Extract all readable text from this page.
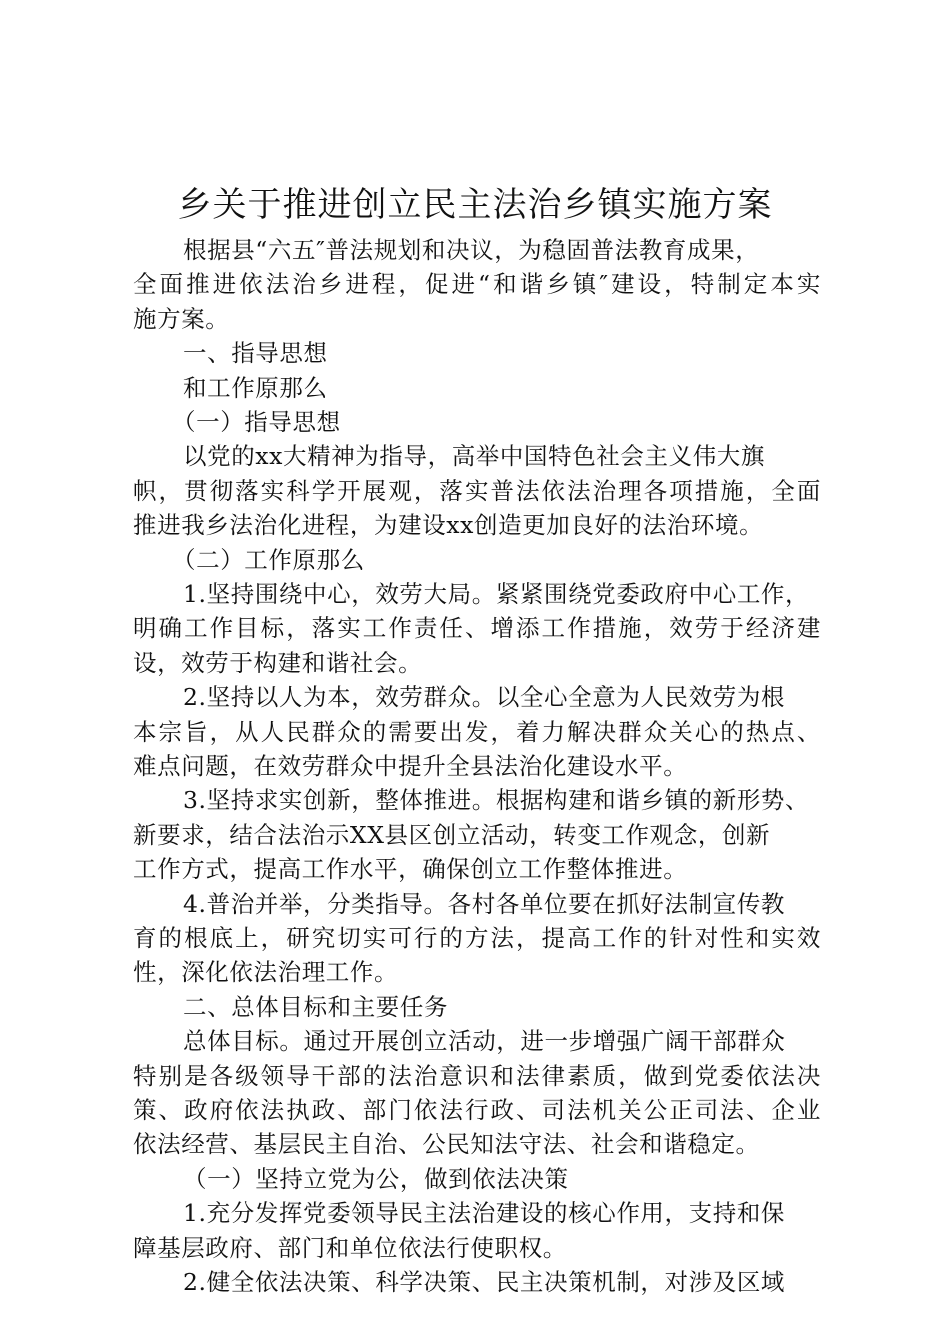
乡关于推进创立民主法治乡镇实施方案
根据县“六五″普法规划和决议，为稳固普法教育成果，
全面推进依法治乡进程，促进“和谐乡镇″建设，特制定本实
施方案。
一、指导思想
和工作原那么
（一）指导思想
以党的xx大精神为指导，高举中国特色社会主义伟大旗
帜，贯彻落实科学开展观，落实普法依法治理各项措施，全面
推进我乡法治化进程，为建设xx创造更加良好的法治环境。
（二）工作原那么
1.坚持围绕中心，效劳大局。紧紧围绕党委政府中心工作，
明确工作目标，落实工作责任、增添工作措施，效劳于经济建
设，效劳于构建和谐社会。
2.坚持以人为本，效劳群众。以全心全意为人民效劳为根
本宗旨，从人民群众的需要出发，着力解决群众关心的热点、
难点问题，在效劳群众中提升全县法治化建设水平。
3.坚持求实创新，整体推进。根据构建和谐乡镇的新形势、
新要求，结合法治示XX县区创立活动，转变工作观念，创新
工作方式，提高工作水平，确保创立工作整体推进。
4.普治并举，分类指导。各村各单位要在抓好法制宣传教
育的根底上，研究切实可行的方法，提高工作的针对性和实效
性，深化依法治理工作。
二、总体目标和主要任务
总体目标。通过开展创立活动，进一步增强广阔干部群众
特别是各级领导干部的法治意识和法律素质，做到党委依法决
策、政府依法执政、部门依法行政、司法机关公正司法、企业
依法经营、基层民主自治、公民知法守法、社会和谐稳定。
（一）坚持立党为公，做到依法决策
1.充分发挥党委领导民主法治建设的核心作用，支持和保
障基层政府、部门和单位依法行使职权。
2.健全依法决策、科学决策、民主决策机制，对涉及区域
